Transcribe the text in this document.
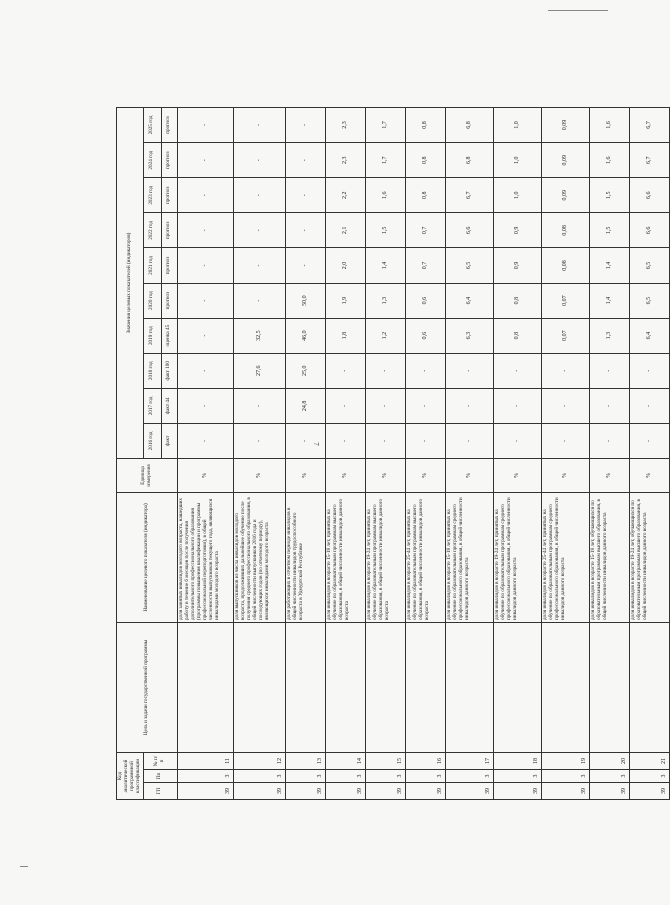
7
Код аналитической программной классификации			Цель и задачи государственной программы	Наименование целевого показателя (индикатора)	Единица измерения	Значения целевых показателей (индикаторов)									
ГП	Пп	№ п/п				2016 год	2017 год	2018 год	2019 год	2020 год	2021 год	2022 год	2023 год	2024 год	2025 год
						факт	факт 44	факт 100	оценка 45	прогноз	прогноз	прогноз	прогноз	прогноз	прогноз
39	3	11		доля занятых инвалидов молодого возраста, нашедших работу в течение 6 месяцев после получения дополнительного профессионального образования (программы повышения квалификации и программы профессиональной переподготовки), в общей численности выпускников текущего года, являющихся инвалидами молодого возраста	%	-	-	-	-	-	-	-	-	-	-
39	3	12		доля выпускников из числа инвалидов молодого возраста, продолживших дальнейшее обучение после получения среднего профессионального образования, в общей численности выпускников 2016 года и последующих годов (по отчетному периоду), являющихся инвалидами молодого возраста	%	-	-	27,6	32,5	-	-	-	-	-	-
39	3	13		доля работающих в отчетном периоде инвалидов в общей численности инвалидов трудоспособного возраста в Удмуртской Республике	%	-	24,8	25,0	46,0	50,0	-	-	-	-	-
39	3	14		доля инвалидов в возрасте 15-18 лет, принятых на обучение по образовательным программам высшего образования, в общей численности инвалидов данного возраста	%	-	-	-	1,8	1,9	2,0	2,1	2,2	2,3	2,3
39	3	15		доля инвалидов в возрасте 19-24 лет, принятых на обучение по образовательным программам высшего образования, в общей численности инвалидов данного возраста	%	-	-	-	1,2	1,3	1,4	1,5	1,6	1,7	1,7
39	3	16		доля инвалидов в возрасте 25-44 лет, принятых на обучение по образовательным программам высшего образования, в общей численности инвалидов данного возраста	%	-	-	-	0,6	0,6	0,7	0,7	0,8	0,8	0,8
39	3	17		доля инвалидов в возрасте 15-18 лет, принятых на обучение по образовательным программам среднего профессионального образования, в общей численности инвалидов данного возраста	%	-	-	-	6,3	6,4	6,5	6,6	6,7	6,8	6,8
39	3	18		доля инвалидов в возрасте 19-24 лет, принятых на обучение по образовательным программам среднего профессионального образования, в общей численности инвалидов данного возраста	%	-	-	-	0,8	0,8	0,9	0,9	1,0	1,0	1,0
39	3	19		доля инвалидов в возрасте 25-44 лет, принятых на обучение по образовательным программам среднего профессионального образования, в общей численности инвалидов данного возраста	%	-	-	-	0,07	0,07	0,08	0,08	0,09	0,09	0,09
39	3	20		доля инвалидов в возрасте 15-18 лет, обучающихся по образовательным программам высшего образования, в общей численности инвалидов данного возраста	%	-	-	-	1,3	1,4	1,4	1,5	1,5	1,6	1,6
39	3	21		доля инвалидов в возрасте 19-24 лет, обучающихся по образовательным программам высшего образования, в общей численности инвалидов данного возраста	%	-	-	-	6,4	6,5	6,5	6,6	6,6	6,7	6,7
